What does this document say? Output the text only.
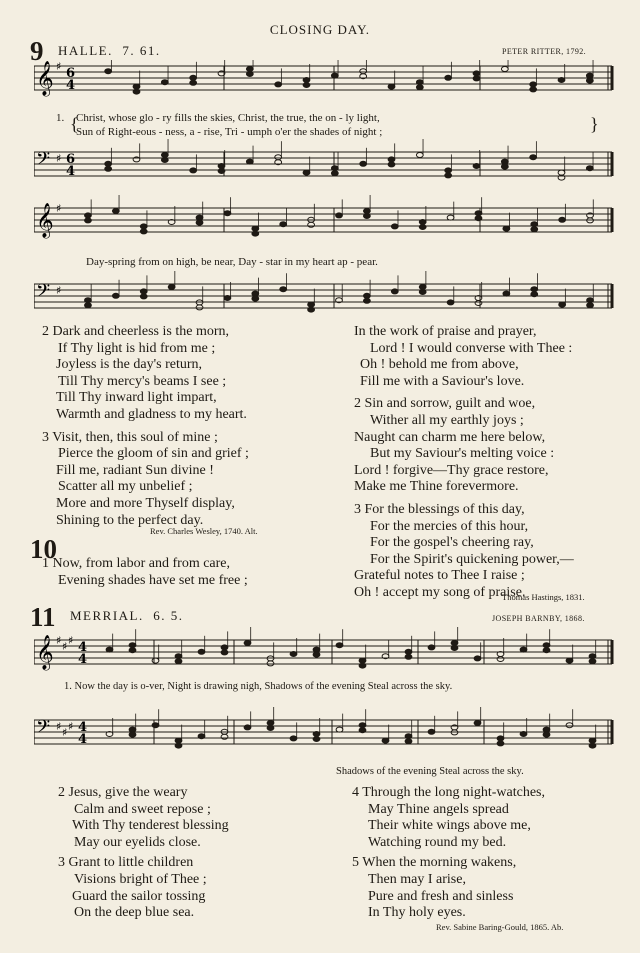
CLOSING DAY.
9 HALLE. 7. 61.	PETER RITTER, 1792.
𝄞 ♯ 6
4
𝄢 ♯ 6
4
𝄞 ♯
𝄢 ♯
1. Christ, whose glo - ry fills the skies, Christ, the true, the on - ly light,
Sun of Right-eous - ness, a - rise, Tri - umph o'er the shades of night ;
{	}
Day-spring from on high, be near, Day - star in my heart ap - pear.
2 Dark and cheerless is the morn,
If Thy light is hid from me ;
Joyless is the day's return,
Till Thy mercy's beams I see ;
Till Thy inward light impart,
Warmth and gladness to my heart.
3 Visit, then, this soul of mine ;
Pierce the gloom of sin and grief ;
Fill me, radiant Sun divine !
Scatter all my unbelief ;
More and more Thyself display,
Shining to the perfect day.
Rev. Charles Wesley, 1740. Alt.
10
1 Now, from labor and from care,
Evening shades have set me free ;
In the work of praise and prayer,
Lord ! I would converse with Thee :
Oh ! behold me from above,
Fill me with a Saviour's love.
2 Sin and sorrow, guilt and woe,
Wither all my earthly joys ;
Naught can charm me here below,
But my Saviour's melting voice :
Lord ! forgive—Thy grace restore,
Make me Thine forevermore.
3 For the blessings of this day,
For the mercies of this hour,
For the gospel's cheering ray,
For the Spirit's quickening power,—
Grateful notes to Thee I raise ;
Oh ! accept my song of praise.
Thomas Hastings, 1831.
11 MERRIAL. 6. 5.	JOSEPH BARNBY, 1868.
𝄞 ♯ ♯ ♯ 4
4
𝄢 ♯ ♯ ♯ 4
4
1. Now the day is o-ver, Night is drawing nigh, Shadows of the evening Steal across the sky.
Shadows of the evening Steal across the sky.
2 Jesus, give the weary
Calm and sweet repose ;
With Thy tenderest blessing
May our eyelids close.
3 Grant to little children
Visions bright of Thee ;
Guard the sailor tossing
On the deep blue sea.
4 Through the long night-watches,
May Thine angels spread
Their white wings above me,
Watching round my bed.
5 When the morning wakens,
Then may I arise,
Pure and fresh and sinless
In Thy holy eyes.
Rev. Sabine Baring-Gould, 1865. Ab.
